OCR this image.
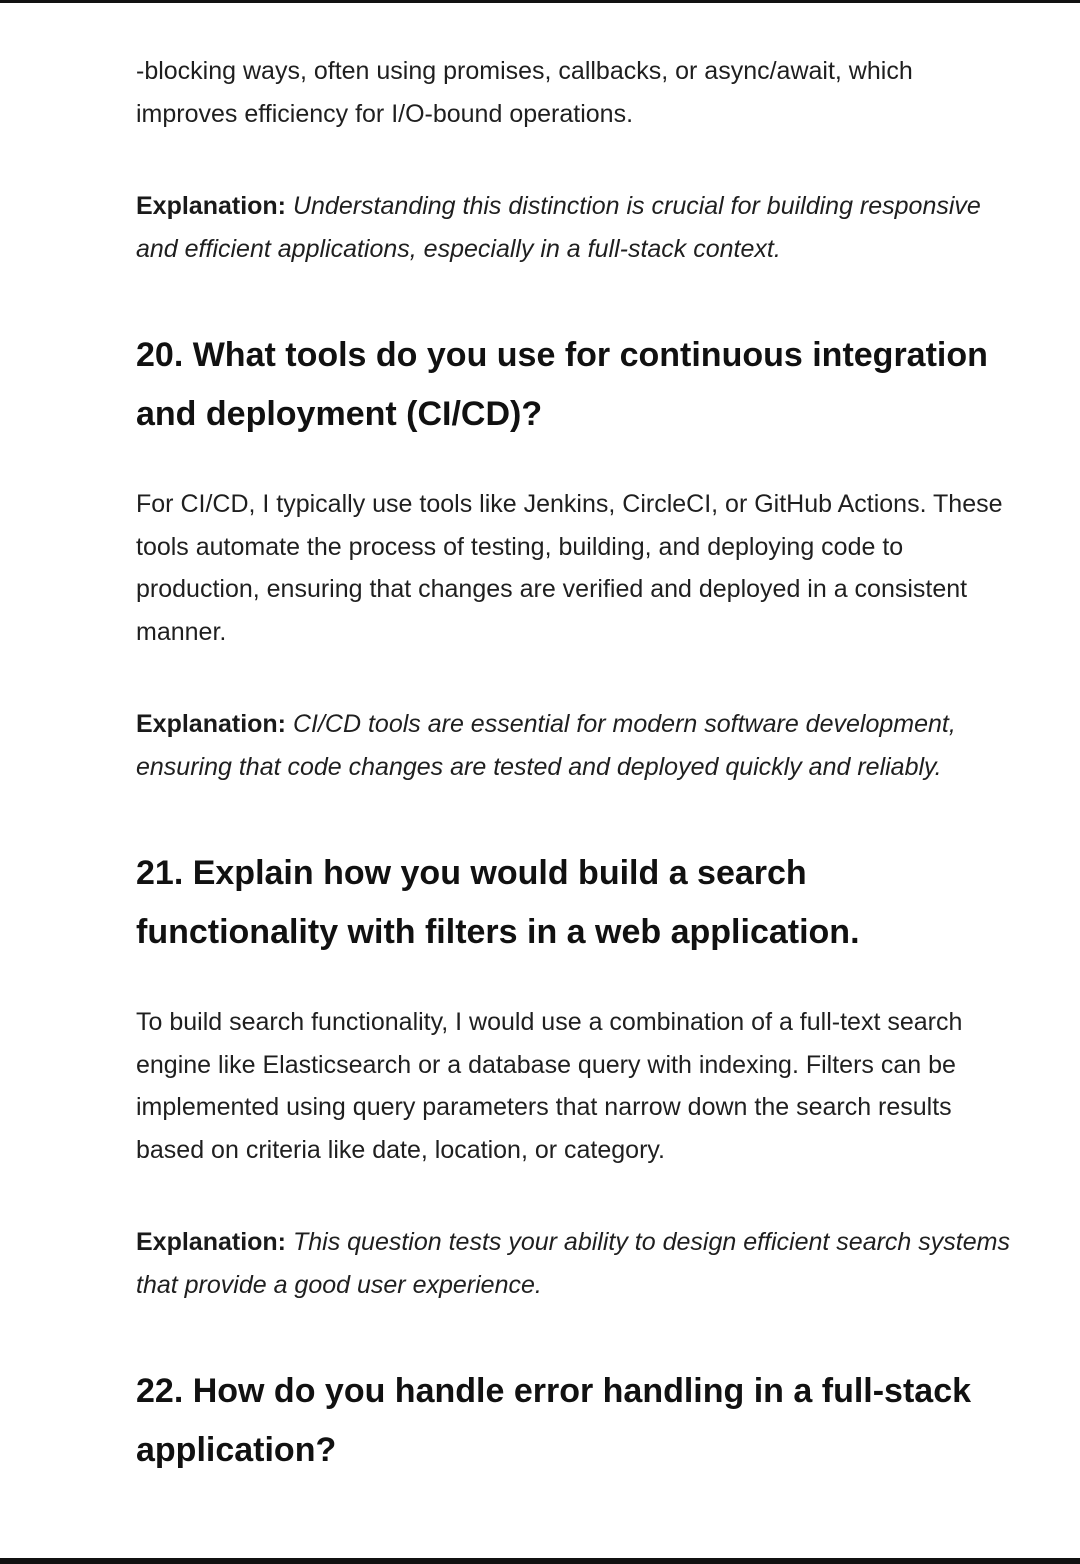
-blocking ways, often using promises, callbacks, or async/await, which improves efficiency for I/O-bound operations.

Explanation: Understanding this distinction is crucial for building responsive and efficient applications, especially in a full-stack context.

20. What tools do you use for continuous integration and deployment (CI/CD)?

For CI/CD, I typically use tools like Jenkins, CircleCI, or GitHub Actions. These tools automate the process of testing, building, and deploying code to production, ensuring that changes are verified and deployed in a consistent manner.

Explanation: CI/CD tools are essential for modern software development, ensuring that code changes are tested and deployed quickly and reliably.

21. Explain how you would build a search functionality with filters in a web application.

To build search functionality, I would use a combination of a full-text search engine like Elasticsearch or a database query with indexing. Filters can be implemented using query parameters that narrow down the search results based on criteria like date, location, or category.

Explanation: This question tests your ability to design efficient search systems that provide a good user experience.

22. How do you handle error handling in a full-stack application?
